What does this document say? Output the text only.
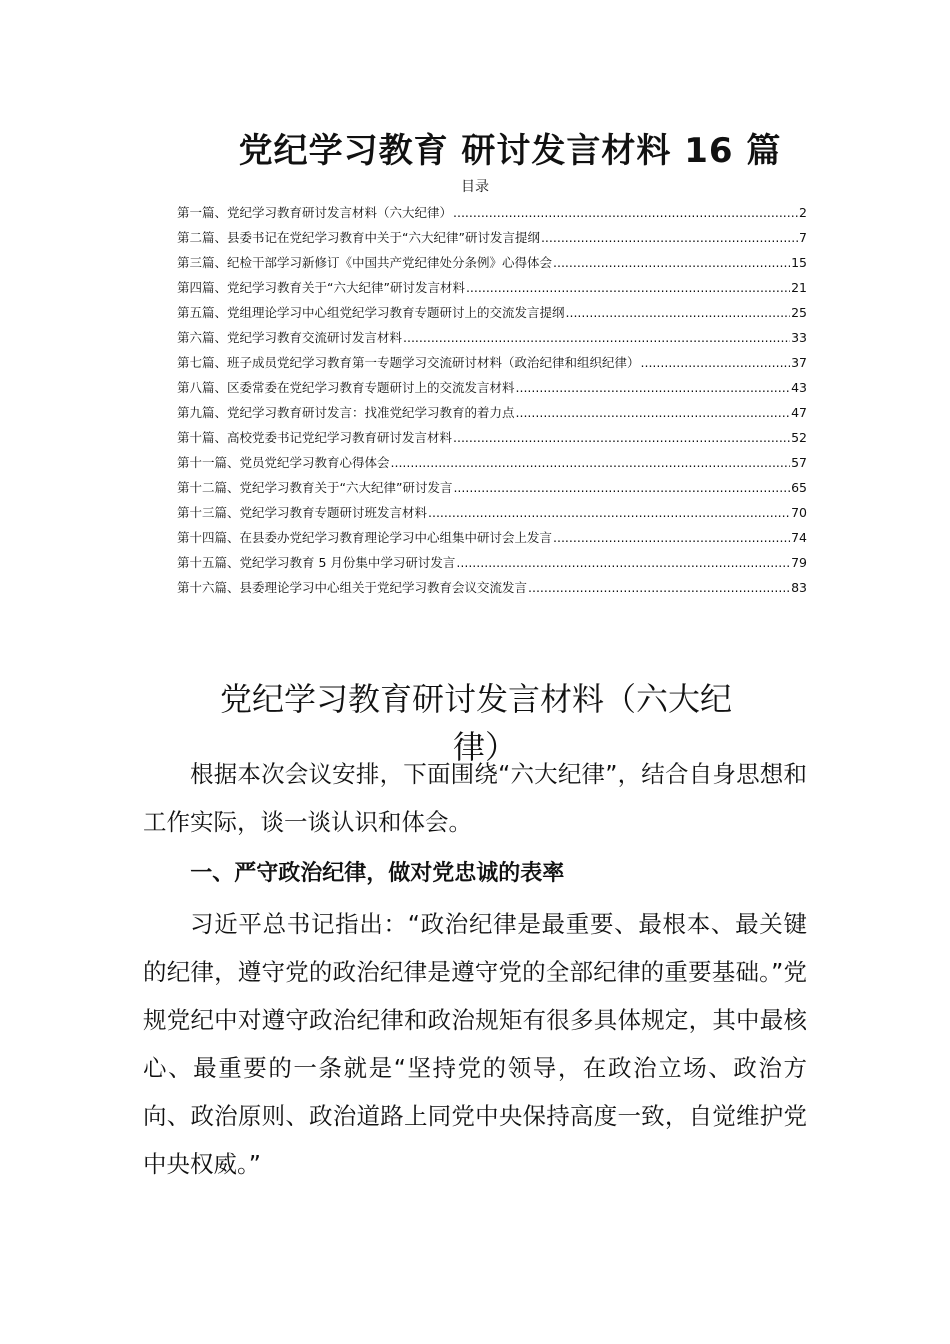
党纪学习教育 研讨发言材料 16 篇
目录
第一篇、党纪学习教育研讨发言材料（六大纪律） .....	2
第二篇、县委书记在党纪学习教育中关于“六大纪律”研讨发言提纲 .....	7
第三篇、纪检干部学习新修订《中国共产党纪律处分条例》心得体会 .....	15
第四篇、党纪学习教育关于“六大纪律”研讨发言材料 .....	21
第五篇、党组理论学习中心组党纪学习教育专题研讨上的交流发言提纲 .....	25
第六篇、党纪学习教育交流研讨发言材料 .....	33
第七篇、班子成员党纪学习教育第一专题学习交流研讨材料（政治纪律和组织纪律） .....	37
第八篇、区委常委在党纪学习教育专题研讨上的交流发言材料 .....	43
第九篇、党纪学习教育研讨发言：找准党纪学习教育的着力点 .....	47
第十篇、高校党委书记党纪学习教育研讨发言材料 .....	52
第十一篇、党员党纪学习教育心得体会 .....	57
第十二篇、党纪学习教育关于“六大纪律”研讨发言 .....	65
第十三篇、党纪学习教育专题研讨班发言材料 .....	70
第十四篇、在县委办党纪学习教育理论学习中心组集中研讨会上发言 .....	74
第十五篇、党纪学习教育 5 月份集中学习研讨发言 .....	79
第十六篇、县委理论学习中心组关于党纪学习教育会议交流发言 .....	83
党纪学习教育研讨发言材料（六大纪
律）

根据本次会议安排，下面围绕“六大纪律”，结合自身思想和工作实际，谈一谈认识和体会。

一、严守政治纪律，做对党忠诚的表率

习近平总书记指出：“政治纪律是最重要、最根本、最关键的纪律，遵守党的政治纪律是遵守党的全部纪律的重要基础。”党规党纪中对遵守政治纪律和政治规矩有很多具体规定，其中最核心、最重要的一条就是“坚持党的领导，在政治立场、政治方向、政治原则、政治道路上同党中央保持高度一致，自觉维护党中央权威。”
